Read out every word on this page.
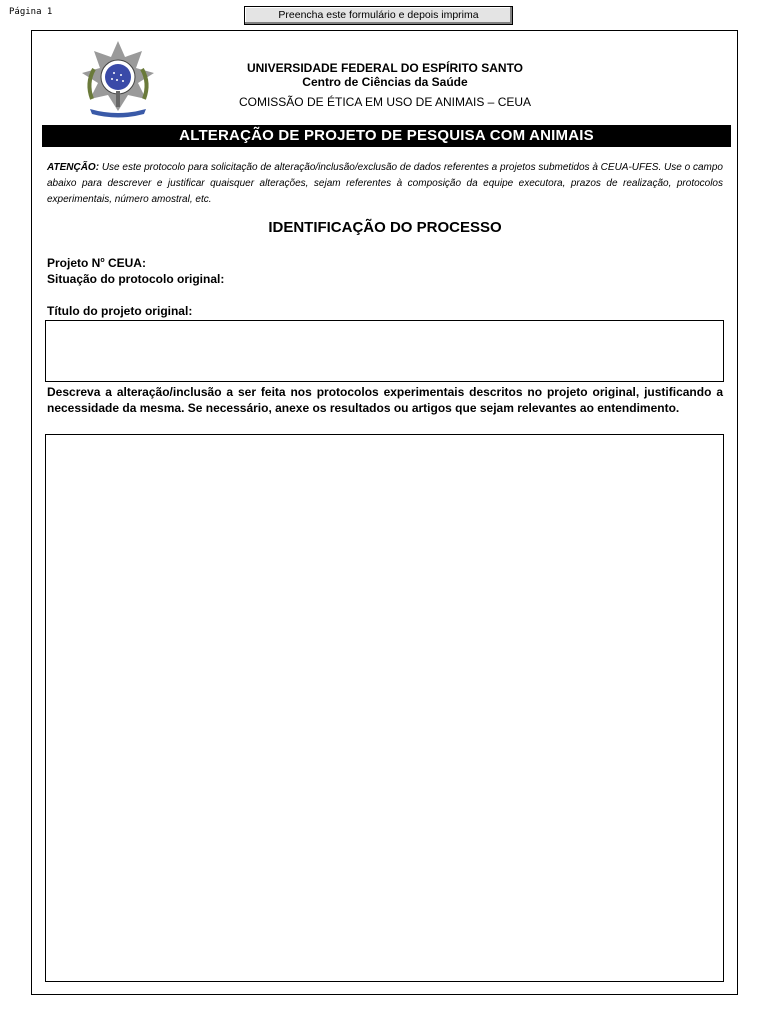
Página 1	Preencha este formulário e depois imprima
UNIVERSIDADE FEDERAL DO ESPÍRITO SANTO
Centro de Ciências da Saúde
COMISSÃO DE ÉTICA EM USO DE ANIMAIS – CEUA
ALTERAÇÃO DE PROJETO DE PESQUISA COM ANIMAIS
ATENÇÃO: Use este protocolo para solicitação de alteração/inclusão/exclusão de dados referentes a projetos submetidos à CEUA-UFES. Use o campo abaixo para descrever e justificar quaisquer alterações, sejam referentes à composição da equipe executora, prazos de realização, protocolos experimentais, número amostral, etc.
IDENTIFICAÇÃO DO PROCESSO
Projeto $N^o$ CEUA:
Situação do protocolo original:
Título do projeto original:
Descreva a alteração/inclusão a ser feita nos protocolos experimentais descritos no projeto original, justificando a necessidade da mesma. Se necessário, anexe os resultados ou artigos que sejam relevantes ao entendimento.
